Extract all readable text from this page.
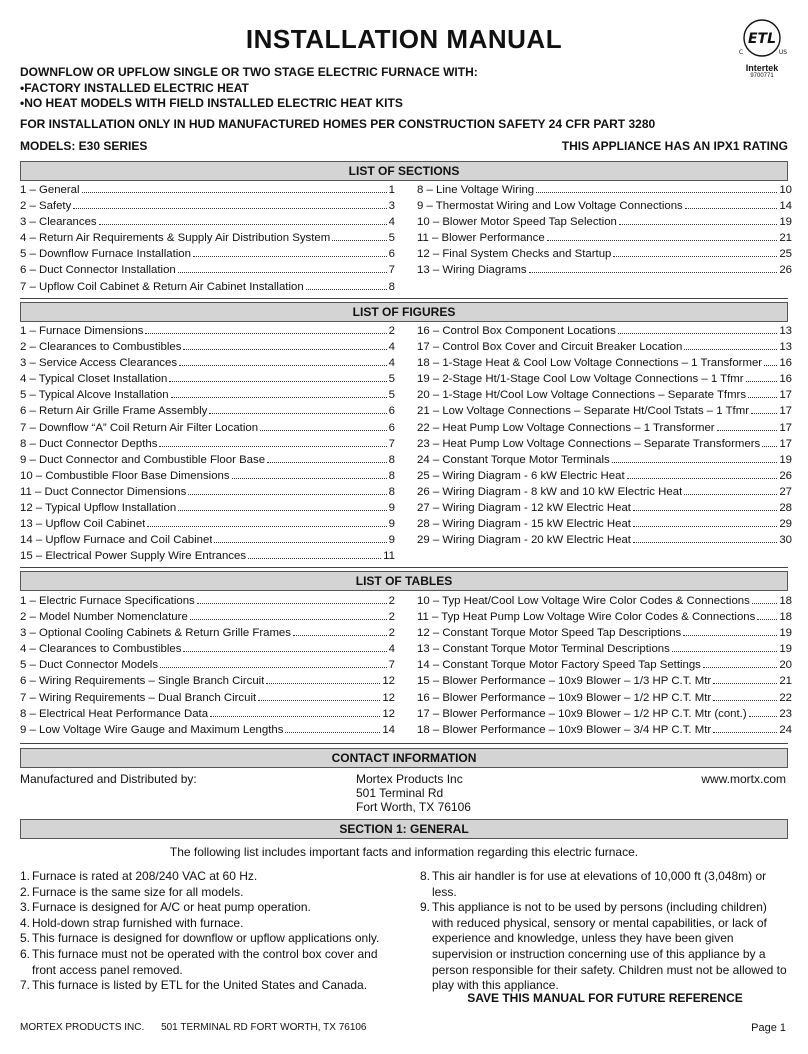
INSTALLATION MANUAL	ETL
C	US
Intertek
9700771
DOWNFLOW OR UPFLOW SINGLE OR TWO STAGE ELECTRIC FURNACE WITH:
•FACTORY INSTALLED ELECTRIC HEAT
•NO HEAT MODELS WITH FIELD INSTALLED ELECTRIC HEAT KITS
FOR INSTALLATION ONLY IN HUD MANUFACTURED HOMES PER CONSTRUCTION SAFETY 24 CFR PART 3280
MODELS: E30 SERIES	THIS APPLIANCE HAS AN IPX1 RATING
LIST OF SECTIONS
1 – General	1
2 – Safety	3
3 – Clearances	4
4 – Return Air Requirements & Supply Air Distribution System	5
5 – Downflow Furnace Installation	6
6 – Duct Connector Installation	7
7 – Upflow Coil Cabinet & Return Air Cabinet Installation	8
8 – Line Voltage Wiring	10
9 – Thermostat Wiring and Low Voltage Connections	14
10 – Blower Motor Speed Tap Selection	19
11 – Blower Performance	21
12 – Final System Checks and Startup	25
13 – Wiring Diagrams	26
LIST OF FIGURES
1 – Furnace Dimensions	2
2 – Clearances to Combustibles	4
3 – Service Access Clearances	4
4 – Typical Closet Installation	5
5 – Typical Alcove Installation	5
6 – Return Air Grille Frame Assembly	6
7 – Downflow “A” Coil Return Air Filter Location	6
8 – Duct Connector Depths	7
9 – Duct Connector and Combustible Floor Base	8
10 – Combustible Floor Base Dimensions	8
11 – Duct Connector Dimensions	8
12 – Typical Upflow Installation	9
13 – Upflow Coil Cabinet	9
14 – Upflow Furnace and Coil Cabinet	9
15 – Electrical Power Supply Wire Entrances	11
16 – Control Box Component Locations	13
17 – Control Box Cover and Circuit Breaker Location	13
18 – 1-Stage Heat & Cool Low Voltage Connections – 1 Transformer 16
19 – 2-Stage Ht/1-Stage Cool Low Voltage Connections – 1 Tfmr	16
20 – 1-Stage Ht/Cool Low Voltage Connections – Separate Tfmrs	17
21 – Low Voltage Connections – Separate Ht/Cool Tstats – 1 Tfmr	17
22 – Heat Pump Low Voltage Connections – 1 Transformer	17
23 – Heat Pump Low Voltage Connections – Separate Transformers 17
24 – Constant Torque Motor Terminals	19
25 – Wiring Diagram - 6 kW Electric Heat	26
26 – Wiring Diagram - 8 kW and 10 kW Electric Heat	27
27 – Wiring Diagram - 12 kW Electric Heat	28
28 – Wiring Diagram - 15 kW Electric Heat	29
29 – Wiring Diagram - 20 kW Electric Heat	30
LIST OF TABLES
1 – Electric Furnace Specifications	2
2 – Model Number Nomenclature	2
3 – Optional Cooling Cabinets & Return Grille Frames	2
4 – Clearances to Combustibles	4
5 – Duct Connector Models	7
6 – Wiring Requirements – Single Branch Circuit	12
7 – Wiring Requirements – Dual Branch Circuit	12
8 – Electrical Heat Performance Data	12
9 – Low Voltage Wire Gauge and Maximum Lengths	14
10 – Typ Heat/Cool Low Voltage Wire Color Codes & Connections	18
11 – Typ Heat Pump Low Voltage Wire Color Codes & Connections 18
12 – Constant Torque Motor Speed Tap Descriptions	19
13 – Constant Torque Motor Terminal Descriptions	19
14 – Constant Torque Motor Factory Speed Tap Settings	20
15 – Blower Performance – 10x9 Blower – 1/3 HP C.T. Mtr	21
16 – Blower Performance – 10x9 Blower – 1/2 HP C.T. Mtr	22
17 – Blower Performance – 10x9 Blower – 1/2 HP C.T. Mtr (cont.)	23
18 – Blower Performance – 10x9 Blower – 3/4 HP C.T. Mtr	24
CONTACT INFORMATION
Manufactured and Distributed by:	Mortex Products Inc
501 Terminal Rd
Fort Worth, TX 76106
www.mortx.com
SECTION 1: GENERAL
The following list includes important facts and information regarding this electric furnace.
1. Furnace is rated at 208/240 VAC at 60 Hz.
2. Furnace is the same size for all models.
3. Furnace is designed for A/C or heat pump operation.
4. Hold-down strap furnished with furnace.
5. This furnace is designed for downflow or upflow applications only.
6. This furnace must not be operated with the control box cover and front access panel removed.
7. This furnace is listed by ETL for the United States and Canada.
8. This air handler is for use at elevations of 10,000 ft (3,048m) or less.
9. This appliance is not to be used by persons (including children) with reduced physical, sensory or mental capabilities, or lack of experience and knowledge, unless they have been given supervision or instruction concerning use of this appliance by a person responsible for their safety. Children must not be allowed to play with this appliance.
SAVE THIS MANUAL FOR FUTURE REFERENCE
MORTEX PRODUCTS INC. 501 TERMINAL RD FORT WORTH, TX 76106	Page 1
